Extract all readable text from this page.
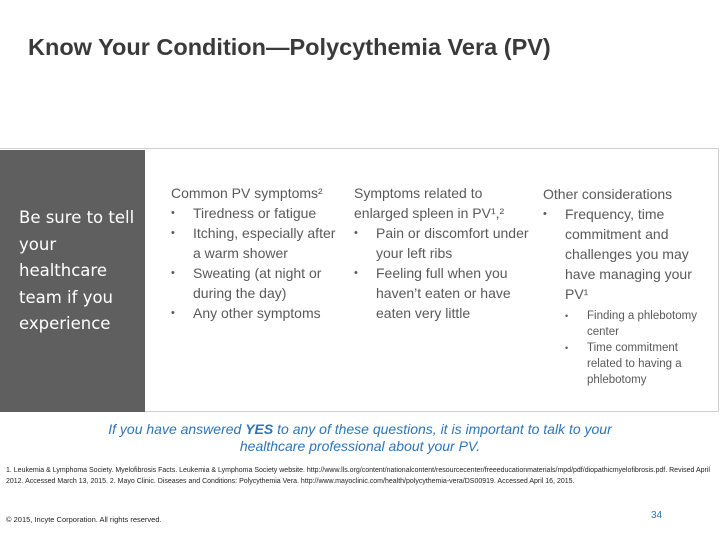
Know Your Condition—Polycythemia Vera (PV)
Be sure to tell your healthcare team if you experience

Common PV symptoms²

• Tiredness or fatigue
• Itching, especially after a warm shower
• Sweating (at night or during the day)
• Any other symptoms

Symptoms related to enlarged spleen in PV¹,²

• Pain or discomfort under your left ribs
• Feeling full when you haven’t eaten or have eaten very little

Other considerations

• Frequency, time commitment and challenges you may have managing your PV¹
• Finding a phlebotomy center
• Time commitment related to having a phlebotomy
If you have answered YES to any of these questions, it is important to talk to your healthcare professional about your PV.
1. Leukemia & Lymphoma Society. Myelofibrosis Facts. Leukemia & Lymphoma Society website. http://www.lls.org/content/nationalcontent/resourcecenter/freeeducationmaterials/mpd/pdf/diopathicmyelofibrosis.pdf. Revised April 2012. Accessed March 13, 2015. 2. Mayo Clinic. Diseases and Conditions: Polycythemia Vera. http://www.mayoclinic.com/health/polycythemia-vera/DS00919. Accessed April 16, 2015.
© 2015, Incyte Corporation. All rights reserved.	34
